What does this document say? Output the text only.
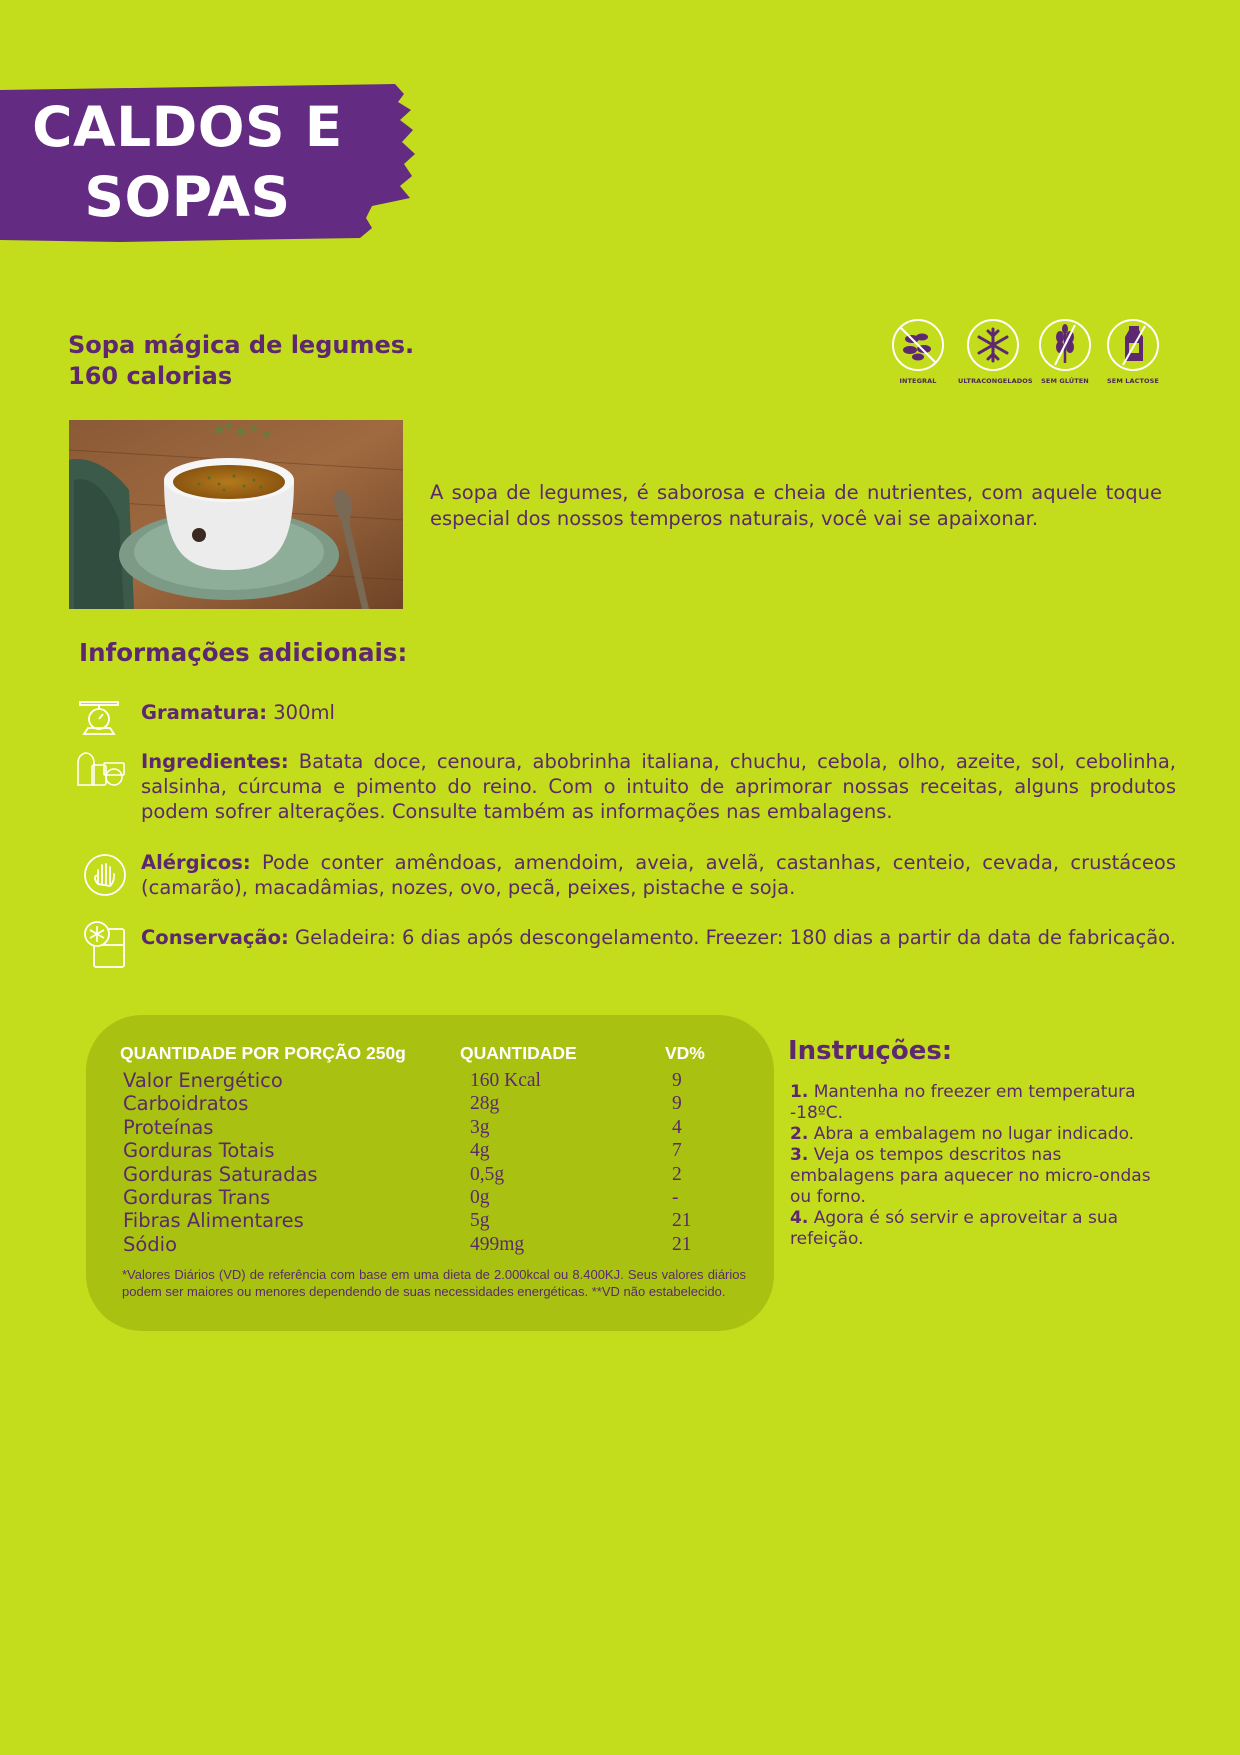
CALDOS E
SOPAS
Sopa mágica de legumes.
160 calorias	INTEGRAL	ULTRACONGELADOS	SEM GLÚTEN	SEM LACTOSE
A sopa de legumes, é saborosa e cheia de nutrientes, com aquele toque especial dos nossos temperos naturais, você vai se apaixonar.
Informações adicionais:
Gramatura: 300ml
Ingredientes: Batata doce, cenoura, abobrinha italiana, chuchu, cebola, olho, azeite, sol, cebolinha, salsinha, cúrcuma e pimento do reino. Com o intuito de aprimorar nossas receitas, alguns produtos podem sofrer alterações. Consulte também as informações nas embalagens.
Alérgicos: Pode conter amêndoas, amendoim, aveia, avelã, castanhas, centeio, cevada, crustáceos (camarão), macadâmias, nozes, ovo, pecã, peixes, pistache e soja.
Conservação: Geladeira: 6 dias após descongelamento. Freezer: 180 dias a partir da data de fabricação.
QUANTIDADE POR PORÇÃO 250g	QUANTIDADE	VD%
Valor Energético	160 Kcal	9
Carboidratos	28g	9
Proteínas	3g	4
Gorduras Totais	4g	7
Gorduras Saturadas	0,5g	2
Gorduras Trans	0g	-
Fibras Alimentares	5g	21
Sódio	499mg	21
*Valores Diários (VD) de referência com base em uma dieta de 2.000kcal ou 8.400KJ. Seus valores diários podem ser maiores ou menores dependendo de suas necessidades energéticas. **VD não estabelecido.
Instruções:

1. Mantenha no freezer em temperatura -18ºC.

2. Abra a embalagem no lugar indicado.

3. Veja os tempos descritos nas embalagens para aquecer no micro-ondas ou forno.

4. Agora é só servir e aproveitar a sua refeição.
